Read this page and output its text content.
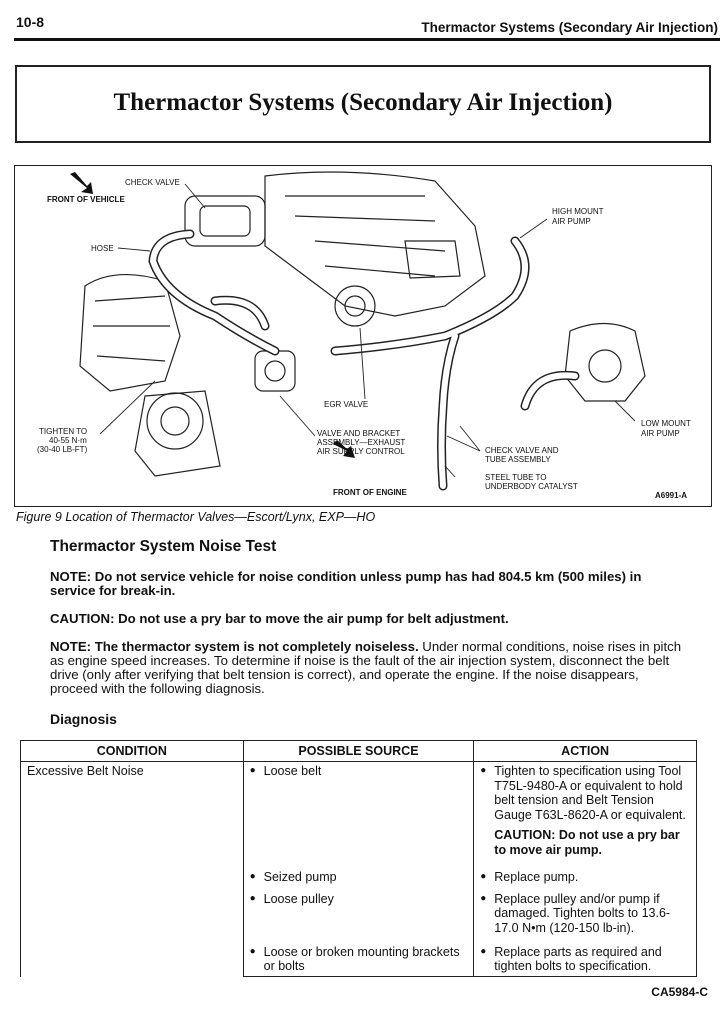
10-8	Thermactor Systems (Secondary Air Injection)
Thermactor Systems (Secondary Air Injection)
CHECK VALVE
FRONT OF VEHICLE
HOSE
HIGH MOUNT
AIR PUMP
TIGHTEN TO
40-55 N·m
(30-40 LB-FT)
EGR VALVE
VALVE AND BRACKET
ASSEMBLY—EXHAUST
AIR SUPPLY CONTROL
LOW MOUNT
AIR PUMP
CHECK VALVE AND
TUBE ASSEMBLY
STEEL TUBE TO
UNDERBODY CATALYST
FRONT OF ENGINE	A6991-A
Figure 9 Location of Thermactor Valves—Escort/Lynx, EXP—HO
Thermactor System Noise Test

NOTE: Do not service vehicle for noise condition unless pump has had 804.5 km (500 miles) in service for break-in.

CAUTION: Do not use a pry bar to move the air pump for belt adjustment.

NOTE: The thermactor system is not completely noiseless. Under normal conditions, noise rises in pitch as engine speed increases. To determine if noise is the fault of the air injection system, disconnect the belt drive (only after verifying that belt tension is correct), and operate the engine. If the noise disappears, proceed with the following diagnosis.

Diagnosis
CONDITION	POSSIBLE SOURCE	ACTION
Excessive Belt Noise	● Loose belt	● Tighten to specification using Tool T75L-9480-A or equivalent to hold belt tension and Belt Tension Gauge T63L-8620-A or equivalent.
CAUTION: Do not use a pry bar to move air pump.

	● Seized pump	● Replace pump.

	● Loose pulley	● Replace pulley and/or pump if damaged. Tighten bolts to 13.6-17.0 N•m (120-150 lb-in).

	● Loose or broken mounting brackets or bolts	● Replace parts as required and tighten bolts to specification.
CA5984-C
